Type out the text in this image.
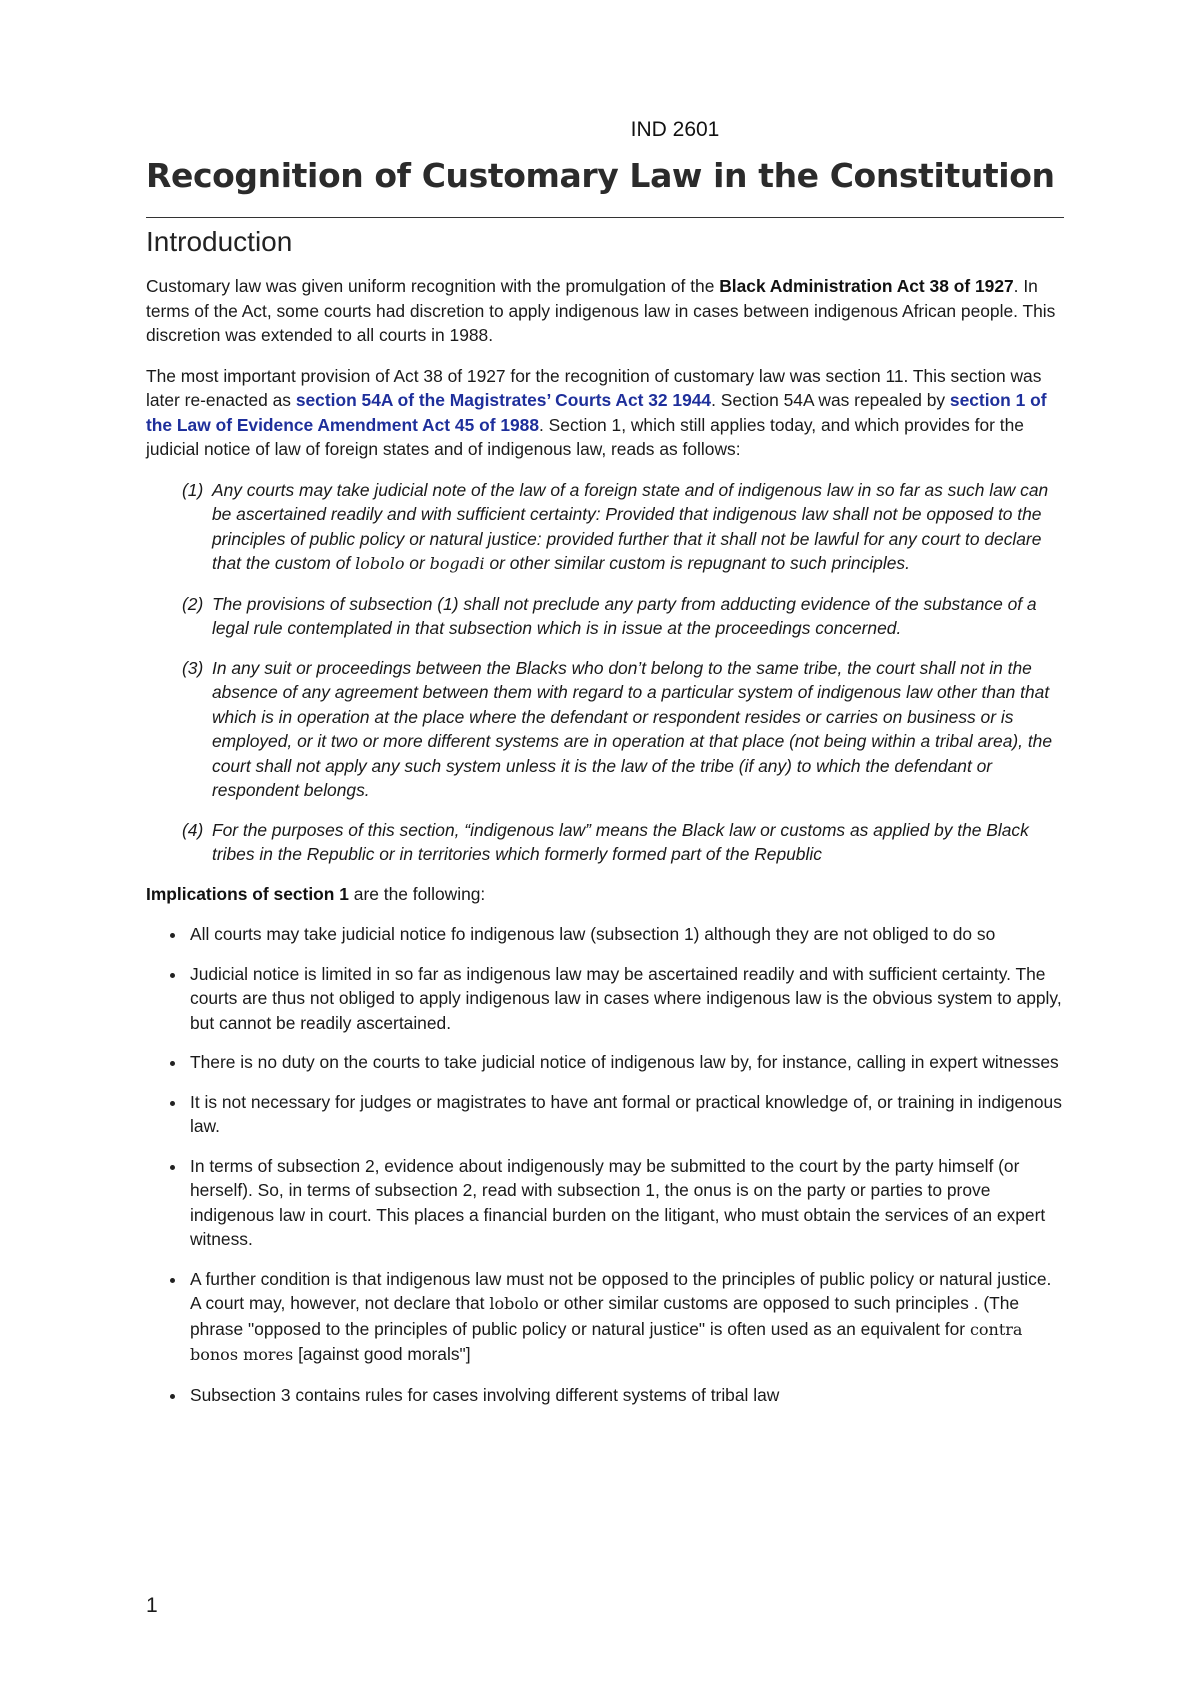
IND 2601
Recognition of Customary Law in the Constitution
Introduction

Customary law was given uniform recognition with the promulgation of the Black Administration Act 38 of 1927. In terms of the Act, some courts had discretion to apply indigenous law in cases between indigenous African people. This discretion was extended to all courts in 1988.

The most important provision of Act 38 of 1927 for the recognition of customary law was section 11. This section was later re-enacted as section 54A of the Magistrates’ Courts Act 32 1944. Section 54A was repealed by section 1 of the Law of Evidence Amendment Act 45 of 1988. Section 1, which still applies today, and which provides for the judicial notice of law of foreign states and of indigenous law, reads as follows:

(1) Any courts may take judicial note of the law of a foreign state and of indigenous law in so far as such law can be ascertained readily and with sufficient certainty: Provided that indigenous law shall not be opposed to the principles of public policy or natural justice: provided further that it shall not be lawful for any court to declare that the custom of lobolo or bogadi or other similar custom is repugnant to such principles.
(2) The provisions of subsection (1) shall not preclude any party from adducting evidence of the substance of a legal rule contemplated in that subsection which is in issue at the proceedings concerned.
(3) In any suit or proceedings between the Blacks who don’t belong to the same tribe, the court shall not in the absence of any agreement between them with regard to a particular system of indigenous law other than that which is in operation at the place where the defendant or respondent resides or carries on business or is employed, or it two or more different systems are in operation at that place (not being within a tribal area), the court shall not apply any such system unless it is the law of the tribe (if any) to which the defendant or respondent belongs.
(4) For the purposes of this section, “indigenous law” means the Black law or customs as applied by the Black tribes in the Republic or in territories which formerly formed part of the Republic

Implications of section 1 are the following:

All courts may take judicial notice fo indigenous law (subsection 1) although they are not obliged to do so
Judicial notice is limited in so far as indigenous law may be ascertained readily and with sufficient certainty. The courts are thus not obliged to apply indigenous law in cases where indigenous law is the obvious system to apply, but cannot be readily ascertained.
There is no duty on the courts to take judicial notice of indigenous law by, for instance, calling in expert witnesses
It is not necessary for judges or magistrates to have ant formal or practical knowledge of, or training in indigenous law.
In terms of subsection 2, evidence about indigenously may be submitted to the court by the party himself (or herself). So, in terms of subsection 2, read with subsection 1, the onus is on the party or parties to prove indigenous law in court. This places a financial burden on the litigant, who must obtain the services of an expert witness.
A further condition is that indigenous law must not be opposed to the principles of public policy or natural justice. A court may, however, not declare that lobolo or other similar customs are opposed to such principles . (The phrase "opposed to the principles of public policy or natural justice" is often used as an equivalent for contra bonos mores [against good morals"]
Subsection 3 contains rules for cases involving different systems of tribal law
1
